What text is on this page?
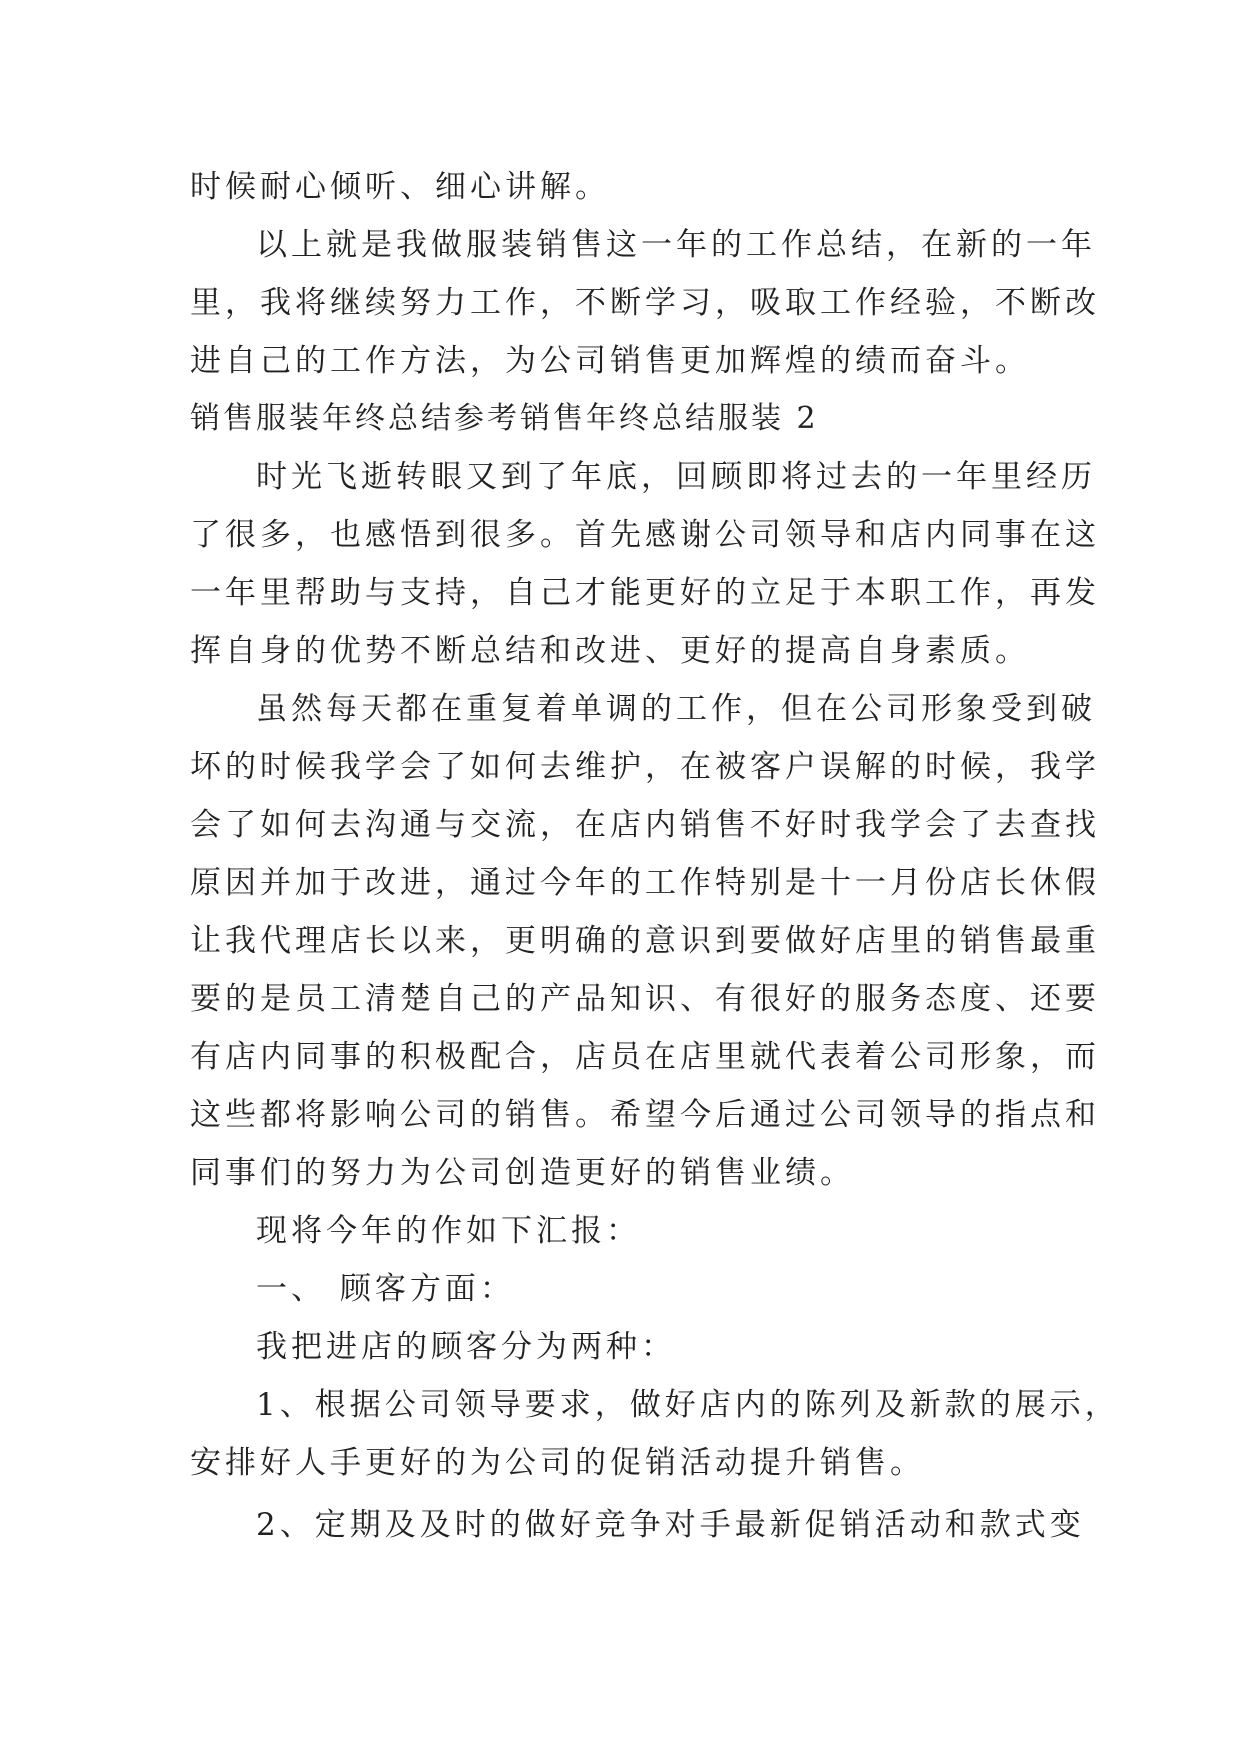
时候耐心倾听、细心讲解。
以上就是我做服装销售这一年的工作总结，在新的一年
里，我将继续努力工作，不断学习，吸取工作经验，不断改
进自己的工作方法，为公司销售更加辉煌的绩而奋斗。
销售服装年终总结参考销售年终总结服装 2
时光飞逝转眼又到了年底，回顾即将过去的一年里经历
了很多，也感悟到很多。首先感谢公司领导和店内同事在这
一年里帮助与支持，自己才能更好的立足于本职工作，再发
挥自身的优势不断总结和改进、更好的提高自身素质。
虽然每天都在重复着单调的工作，但在公司形象受到破
坏的时候我学会了如何去维护，在被客户误解的时候，我学
会了如何去沟通与交流，在店内销售不好时我学会了去查找
原因并加于改进，通过今年的工作特别是十一月份店长休假
让我代理店长以来，更明确的意识到要做好店里的销售最重
要的是员工清楚自己的产品知识、有很好的服务态度、还要
有店内同事的积极配合，店员在店里就代表着公司形象，而
这些都将影响公司的销售。希望今后通过公司领导的指点和
同事们的努力为公司创造更好的销售业绩。
现将今年的作如下汇报：
一、 顾客方面：
我把进店的顾客分为两种：
1、根据公司领导要求，做好店内的陈列及新款的展示，
安排好人手更好的为公司的促销活动提升销售。
2、定期及及时的做好竞争对手最新促销活动和款式变
